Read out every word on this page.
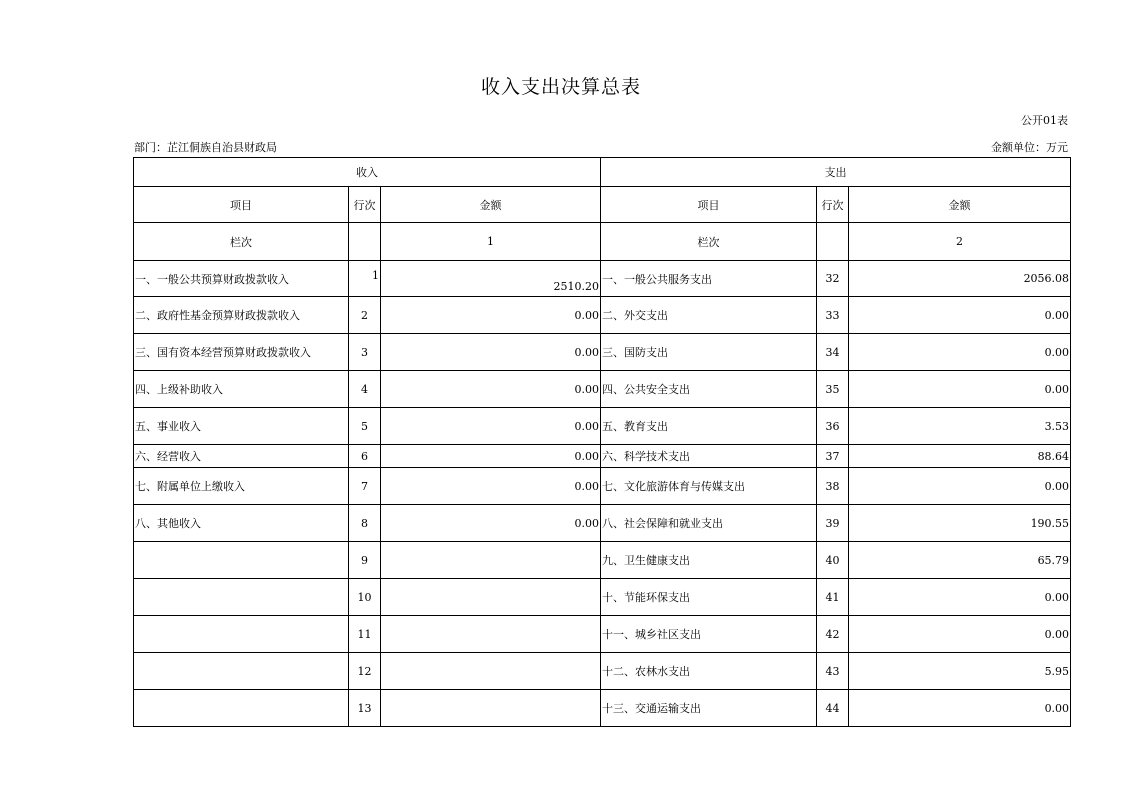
收入支出决算总表
公开01表
部门：芷江侗族自治县财政局	金额单位：万元
收入			支出		
项目	行次	金额	项目	行次	金额
栏次		1	栏次		2
一、一般公共预算财政拨款收入	1	2510.20	一、一般公共服务支出	32	2056.08
二、政府性基金预算财政拨款收入	2	0.00	二、外交支出	33	0.00
三、国有资本经营预算财政拨款收入	3	0.00	三、国防支出	34	0.00
四、上级补助收入	4	0.00	四、公共安全支出	35	0.00
五、事业收入	5	0.00	五、教育支出	36	3.53
六、经营收入	6	0.00	六、科学技术支出	37	88.64
七、附属单位上缴收入	7	0.00	七、文化旅游体育与传媒支出	38	0.00
八、其他收入	8	0.00	八、社会保障和就业支出	39	190.55
	9		九、卫生健康支出	40	65.79
	10		十、节能环保支出	41	0.00
	11		十一、城乡社区支出	42	0.00
	12		十二、农林水支出	43	5.95
	13		十三、交通运输支出	44	0.00
